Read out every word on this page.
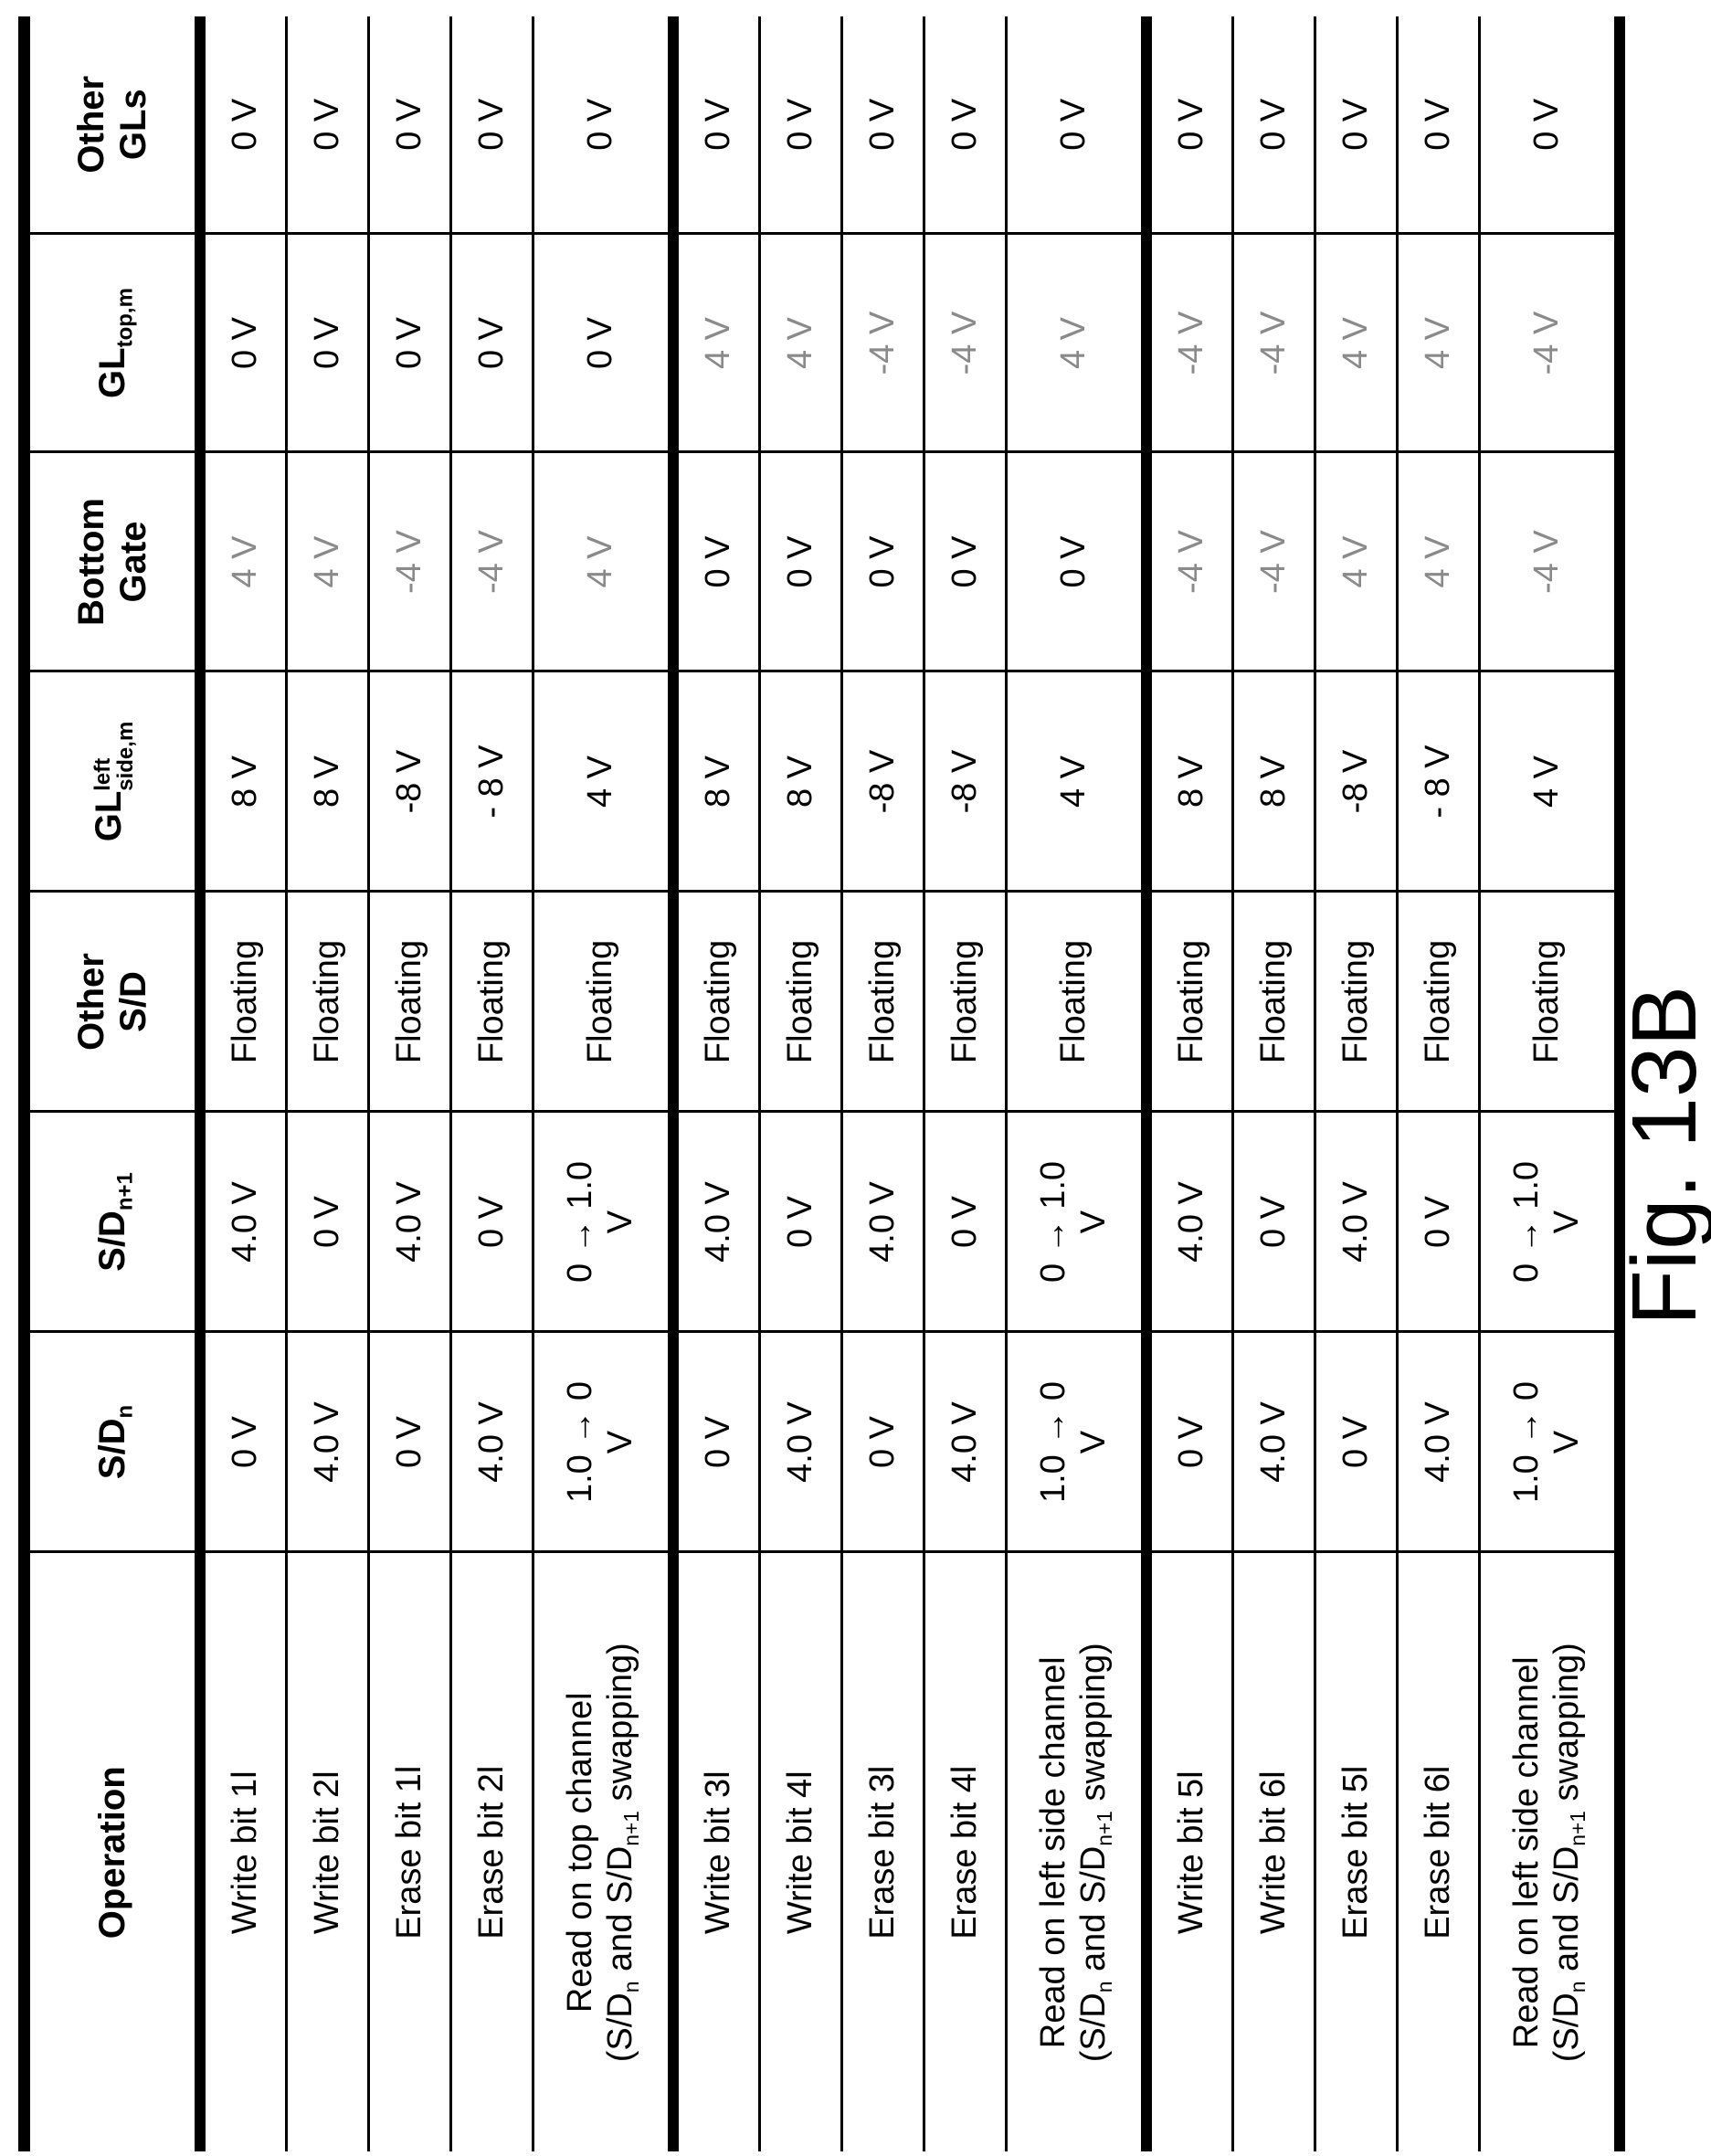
Operation	S/Dn	S/Dn+1	Other
S/D	GLleft
side,m	Bottom
Gate	GLtop,m	Other
GLs
Write bit 1l	0 V	4.0 V	Floating	8 V	4 V	0 V	0 V
Write bit 2l	4.0 V	0 V	Floating	8 V	4 V	0 V	0 V
Erase bit 1l	0 V	4.0 V	Floating	-8 V	-4 V	0 V	0 V
Erase bit 2l	4.0 V	0 V	Floating	- 8 V	-4 V	0 V	0 V
Read on top channel
(S/Dn and S/Dn+1 swapping)	1.0 → 0
V	0 → 1.0
V	Floating	4 V	4 V	0 V	0 V
Write bit 3l	0 V	4.0 V	Floating	8 V	0 V	4 V	0 V
Write bit 4l	4.0 V	0 V	Floating	8 V	0 V	4 V	0 V
Erase bit 3l	0 V	4.0 V	Floating	-8 V	0 V	-4 V	0 V
Erase bit 4l	4.0 V	0 V	Floating	-8 V	0 V	-4 V	0 V
Read on left side channel
(S/Dn and S/Dn+1 swapping)	1.0 → 0
V	0 → 1.0
V	Floating	4 V	0 V	4 V	0 V
Write bit 5l	0 V	4.0 V	Floating	8 V	-4 V	-4 V	0 V
Write bit 6l	4.0 V	0 V	Floating	8 V	-4 V	-4 V	0 V
Erase bit 5l	0 V	4.0 V	Floating	-8 V	4 V	4 V	0 V
Erase bit 6l	4.0 V	0 V	Floating	- 8 V	4 V	4 V	0 V
Read on left side channel
(S/Dn and S/Dn+1 swapping)	1.0 → 0
V	0 → 1.0
V	Floating	4 V	-4 V	-4 V	0 V
Fig. 13B
